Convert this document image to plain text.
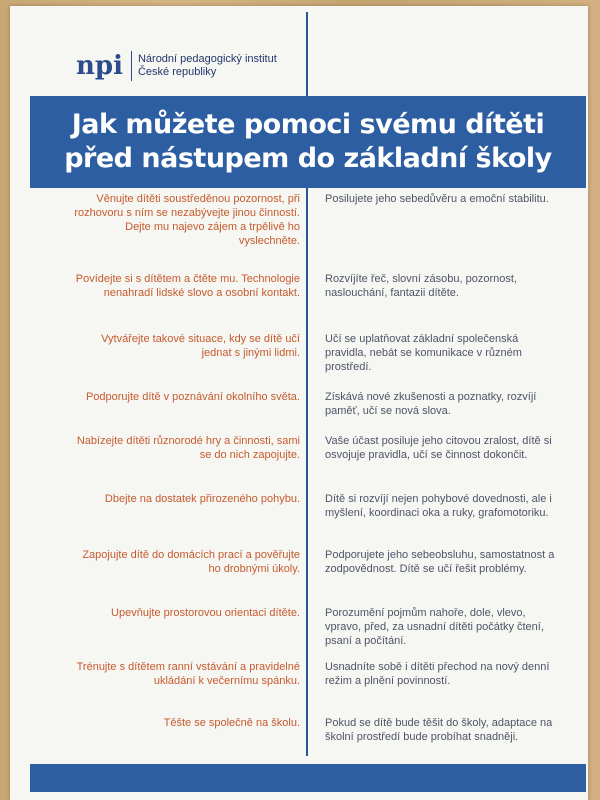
npi Národní pedagogický institut
České republiky
Jak můžete pomoci svému dítěti
před nástupem do základní školy
Věnujte dítěti soustředěnou pozornost, při rozhovoru s ním se nezabývejte jinou činností. Dejte mu najevo zájem a trpělivě ho vyslechněte.
Posilujete jeho sebedůvěru a emoční stabilitu.
Povídejte si s dítětem a čtěte mu. Technologie nenahradí lidské slovo a osobní kontakt.
Rozvíjíte řeč, slovní zásobu, pozornost, naslouchání, fantazii dítěte.
Vytvářejte takové situace, kdy se dítě učí jednat s jinými lidmi.
Učí se uplatňovat základní společenská pravidla, nebát se komunikace v různém prostředí.
Podporujte dítě v poznávání okolního světa. Získává nové zkušenosti a poznatky, rozvíjí paměť, učí se nová slova.
Nabízejte dítěti různorodé hry a činnosti, sami se do nich zapojujte.
Vaše účast posiluje jeho citovou zralost, dítě si osvojuje pravidla, učí se činnost dokončit.
Dbejte na dostatek přirozeného pohybu. Dítě si rozvíjí nejen pohybové dovednosti, ale i myšlení, koordinaci oka a ruky, grafomotoriku.
Zapojujte dítě do domácích prací a pověřujte ho drobnými úkoly.
Podporujete jeho sebeobsluhu, samostatnost a zodpovědnost. Dítě se učí řešit problémy.
Upevňujte prostorovou orientaci dítěte. Porozumění pojmům nahoře, dole, vlevo, vpravo, před, za usnadní dítěti počátky čtení, psaní a počítání.
Trénujte s dítětem ranní vstávání a pravidelné ukládání k večernímu spánku.
Usnadníte sobě i dítěti přechod na nový denní režim a plnění povinností.
Těšte se společně na školu. Pokud se dítě bude těšit do školy, adaptace na školní prostředí bude probíhat snadněji.
